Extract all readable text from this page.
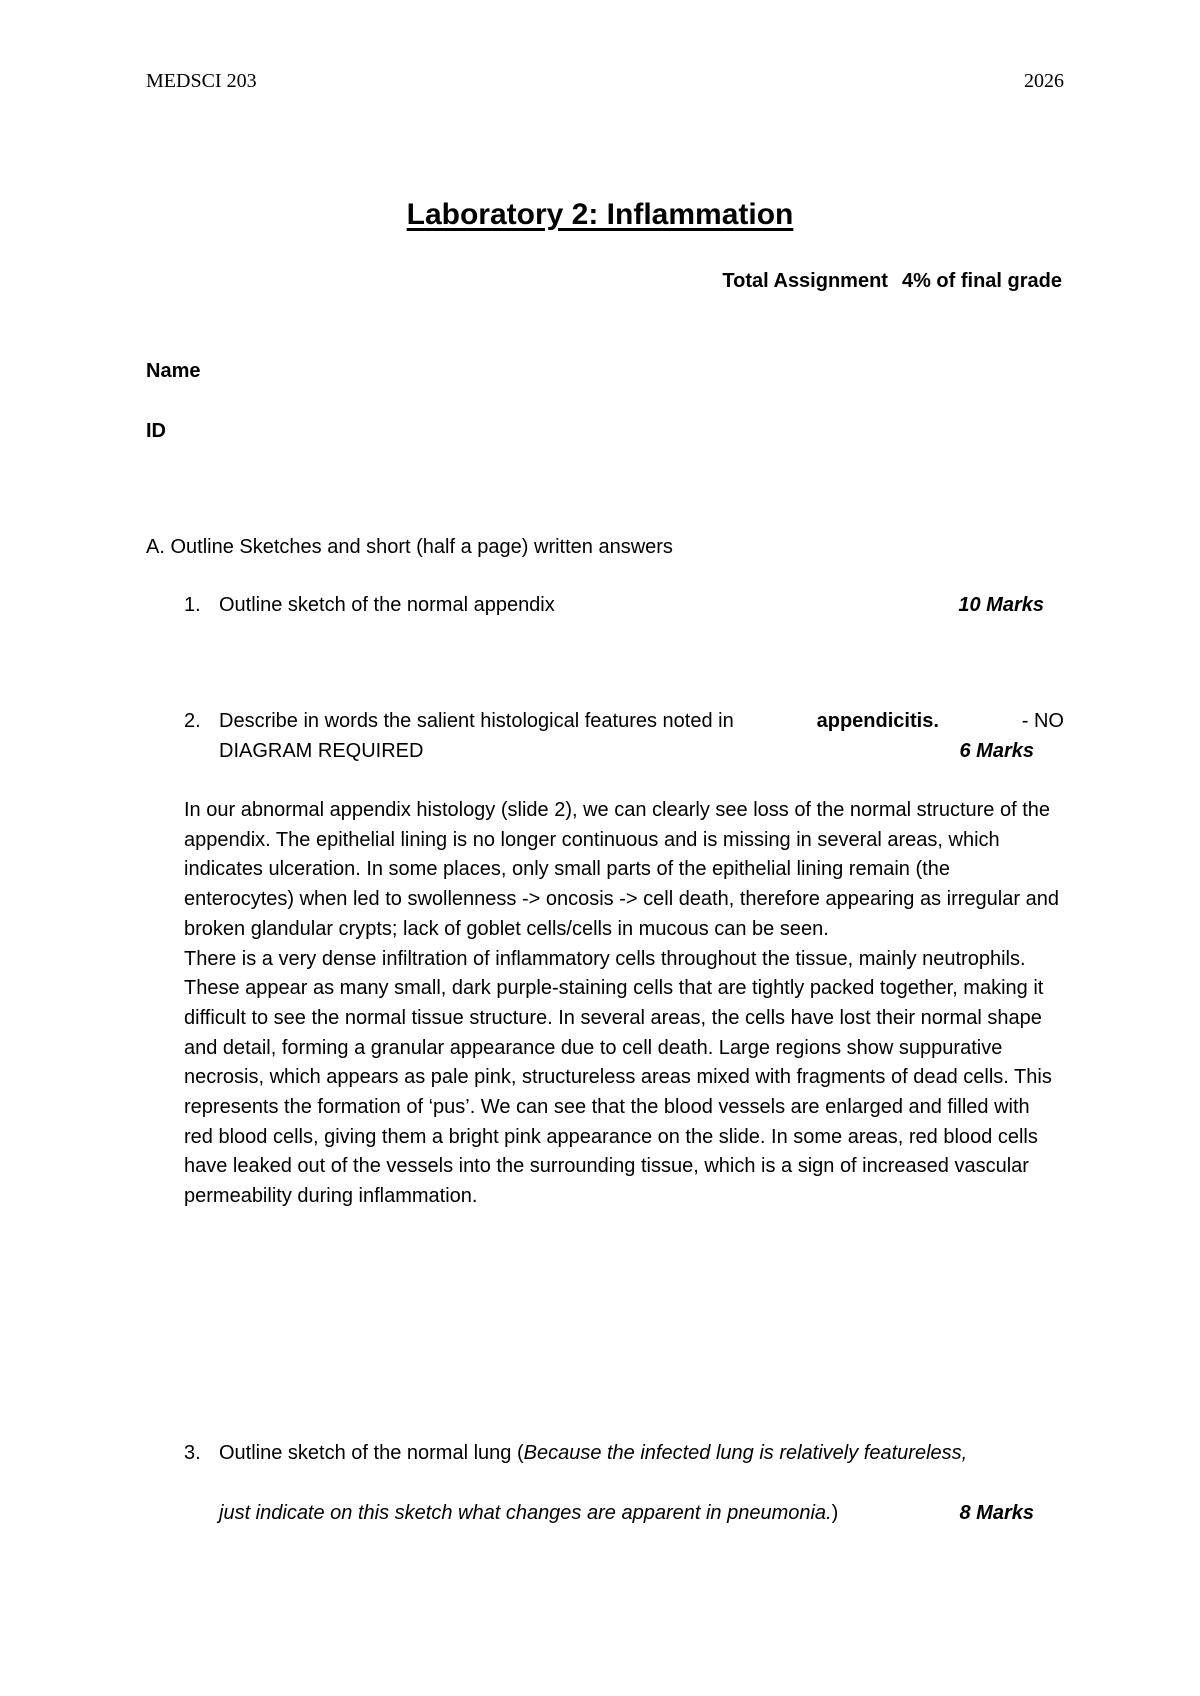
MEDSCI 203	2026
Laboratory 2: Inflammation
Total Assignment 4% of final grade
Name
ID
A. Outline Sketches and short (half a page) written answers
1. Outline sketch of the normal appendix	10 Marks
2. Describe in words the salient histological features noted in	appendicitis.	- NO
DIAGRAM REQUIRED	6 Marks

In our abnormal appendix histology (slide 2), we can clearly see loss of the normal structure of the appendix. The epithelial lining is no longer continuous and is missing in several areas, which indicates ulceration. In some places, only small parts of the epithelial lining remain (the enterocytes) when led to swollenness -> oncosis -> cell death, therefore appearing as irregular and broken glandular crypts; lack of goblet cells/cells in mucous can be seen.

There is a very dense infiltration of inflammatory cells throughout the tissue, mainly neutrophils. These appear as many small, dark purple-staining cells that are tightly packed together, making it difficult to see the normal tissue structure. In several areas, the cells have lost their normal shape and detail, forming a granular appearance due to cell death. Large regions show suppurative necrosis, which appears as pale pink, structureless areas mixed with fragments of dead cells. This represents the formation of ‘pus’. We can see that the blood vessels are enlarged and filled with red blood cells, giving them a bright pink appearance on the slide. In some areas, red blood cells have leaked out of the vessels into the surrounding tissue, which is a sign of increased vascular permeability during inflammation.

3. Outline sketch of the normal lung (Because the infected lung is relatively featureless,
just indicate on this sketch what changes are apparent in pneumonia.)	8 Marks
